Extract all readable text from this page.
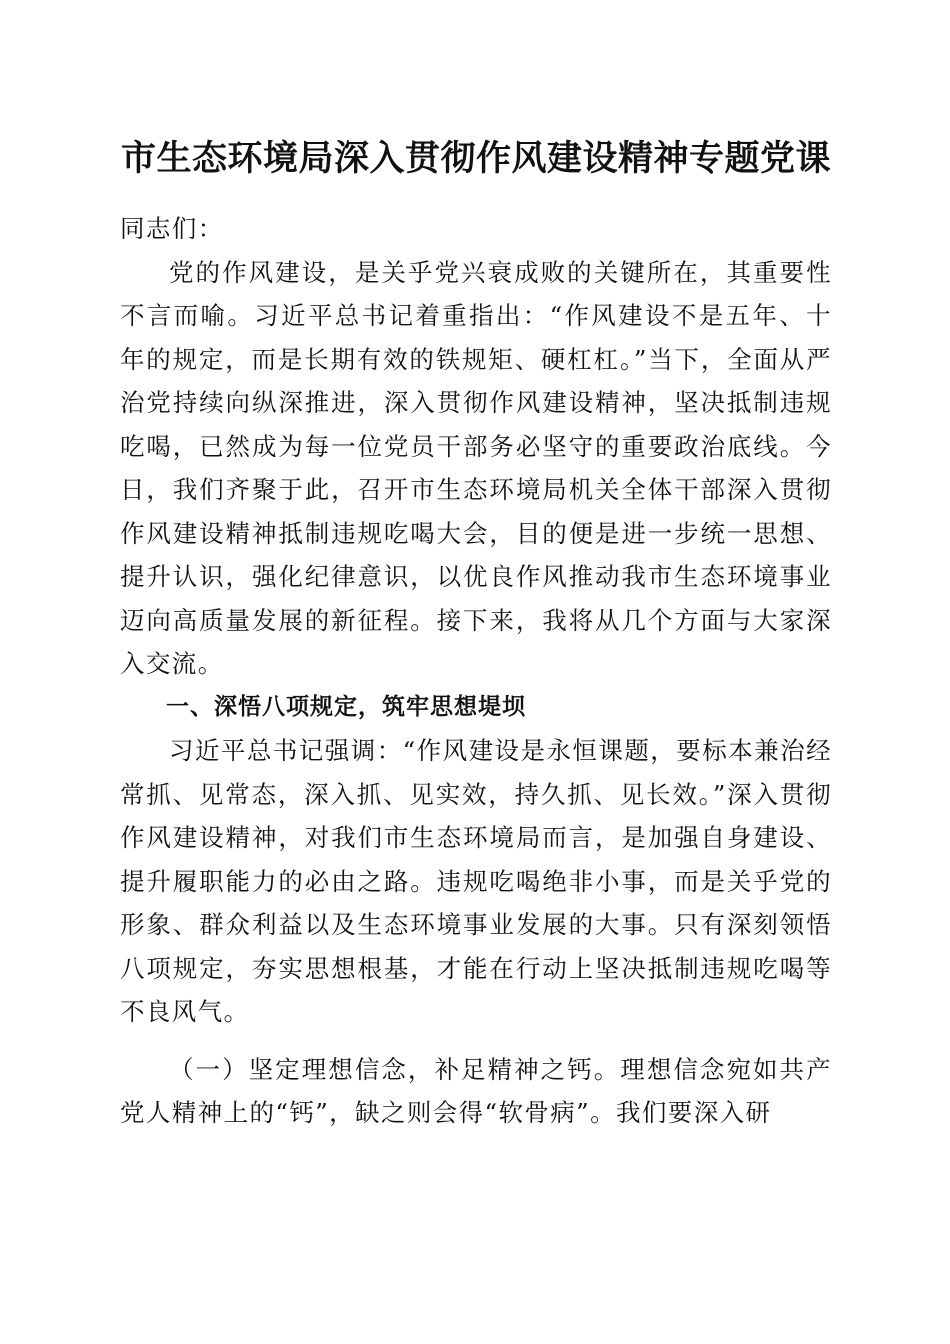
市生态环境局深入贯彻作风建设精神专题党课

同志们：

党的作风建设，是关乎党兴衰成败的关键所在，其重要性不言而喻。习近平总书记着重指出：“作风建设不是五年、十年的规定，而是长期有效的铁规矩、硬杠杠。”当下，全面从严治党持续向纵深推进，深入贯彻作风建设精神，坚决抵制违规吃喝，已然成为每一位党员干部务必坚守的重要政治底线。今日，我们齐聚于此，召开市生态环境局机关全体干部深入贯彻作风建设精神抵制违规吃喝大会，目的便是进一步统一思想、提升认识，强化纪律意识，以优良作风推动我市生态环境事业迈向高质量发展的新征程。接下来，我将从几个方面与大家深入交流。

一、深悟八项规定，筑牢思想堤坝

习近平总书记强调：“作风建设是永恒课题，要标本兼治经常抓、见常态，深入抓、见实效，持久抓、见长效。”深入贯彻作风建设精神，对我们市生态环境局而言，是加强自身建设、提升履职能力的必由之路。违规吃喝绝非小事，而是关乎党的形象、群众利益以及生态环境事业发展的大事。只有深刻领悟八项规定，夯实思想根基，才能在行动上坚决抵制违规吃喝等不良风气。

（一）坚定理想信念，补足精神之钙。理想信念宛如共产党人精神上的“钙”，缺之则会得“软骨病”。我们要深入研
